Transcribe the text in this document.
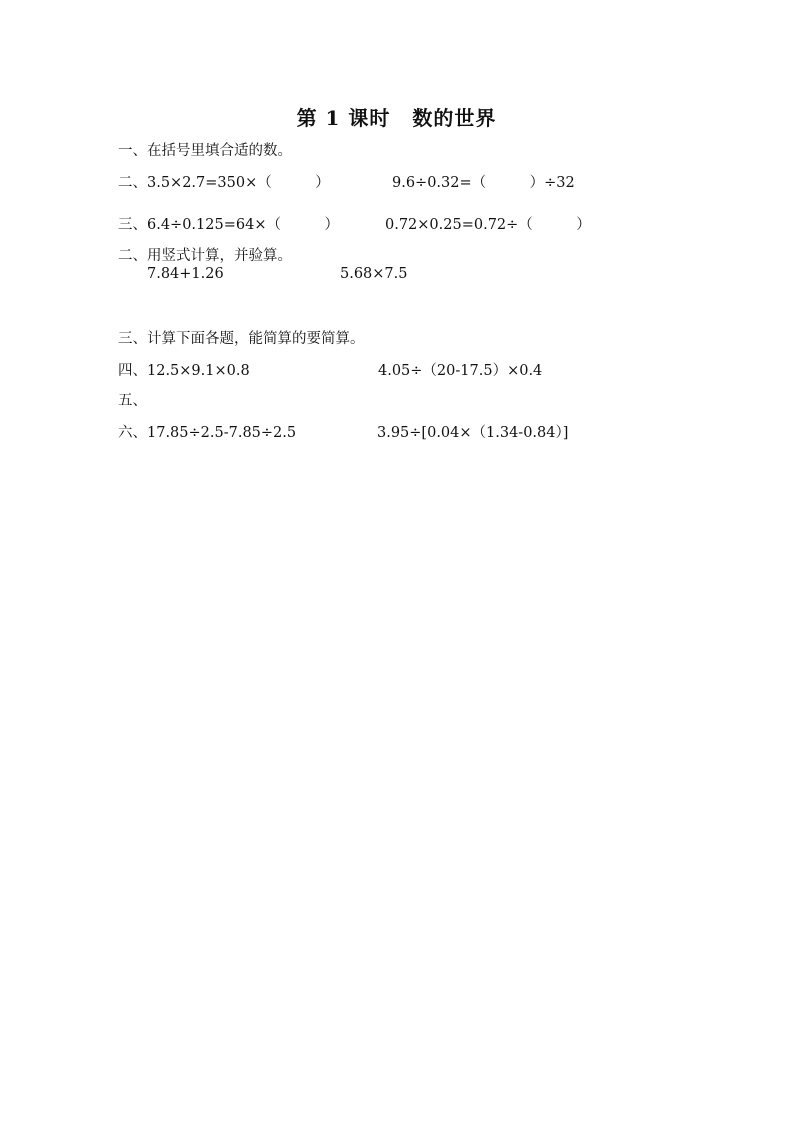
第 1 课时 数的世界
一、在括号里填合适的数。
二、3.5×2.7=350×（　　　）	9.6÷0.32=（　　　）÷32
三、6.4÷0.125=64×（　　　）	0.72×0.25=0.72÷（　　　）
二、用竖式计算，并验算。
7.84+1.26	5.68×7.5
三、计算下面各题，能简算的要简算。
四、12.5×9.1×0.8	4.05÷（20-17.5）×0.4
五、
六、17.85÷2.5-7.85÷2.5	3.95÷[0.04×（1.34-0.84）]
